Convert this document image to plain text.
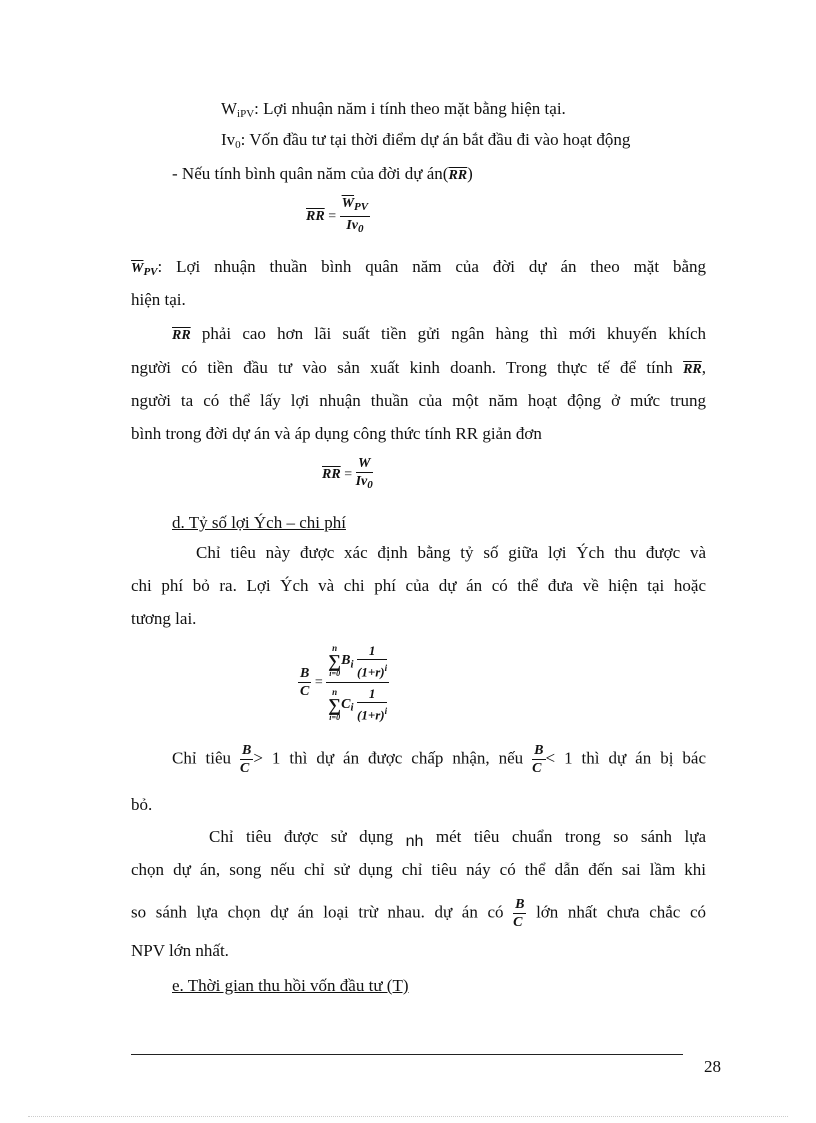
$W_{iPV}$: Lợi nhuận năm i tính theo mặt bằng hiện tại.
$Iv_0$: Vốn đầu tư tại thời điểm dự án bắt đầu đi vào hoạt động
- Nếu tính bình quân năm của đời dự $án(\overline{RR})$
$\overline{RR} = \frac{\overline{W}_{PV}}{Iv_0}$
$\overline{W}_{PV}$: Lợi nhuận thuần bình quân năm của đời dự án theo mặt bằng
hiện tại.
$\overline{RR}$ phải cao hơn lãi suất tiền gửi ngân hàng thì mới khuyến khích
người có tiền đầu tư vào sản xuất kinh doanh. Trong thực tế để tính $\overline{RR}$,
người ta có thể lấy lợi nhuận thuần của một năm hoạt động ở mức trung
bình trong đời dự án và áp dụng công thức tính RR giản đơn
$\overline{RR} = \frac{W}{Iv_0}$
d. Tỷ số lợi Ých – chi phí
Chỉ tiêu này được xác định bằng tỷ số giữa lợi Ých thu được và
chi phí bỏ ra. Lợi Ých và chi phí của dự án có thể đưa về hiện tại hoặc
tương lai.
$\frac{B}{C}$ =
n
∑
i=0
$B_i \frac{1}{(1+r)^i}$
n
∑
i=0
$C_i \frac{1}{(1+r)^i}$
Chỉ tiêu $\frac{B}{C} > 1$ thì dự án được chấp nhận, nếu $\frac{B}{C} < 1$ thì dự án bị bác
bỏ.
Chỉ tiêu được sử dụng nh mét tiêu chuẩn trong so sánh lựa
chọn dự án, song nếu chỉ sử dụng chỉ tiêu náy có thể dẫn đến sai lầm khi
so sánh lựa chọn dự án loại trừ nhau. dự án có $\frac{B}{C}$ lớn nhất chưa chắc có
NPV lớn nhất.
e. Thời gian thu hồi vốn đầu tư (T)
28
